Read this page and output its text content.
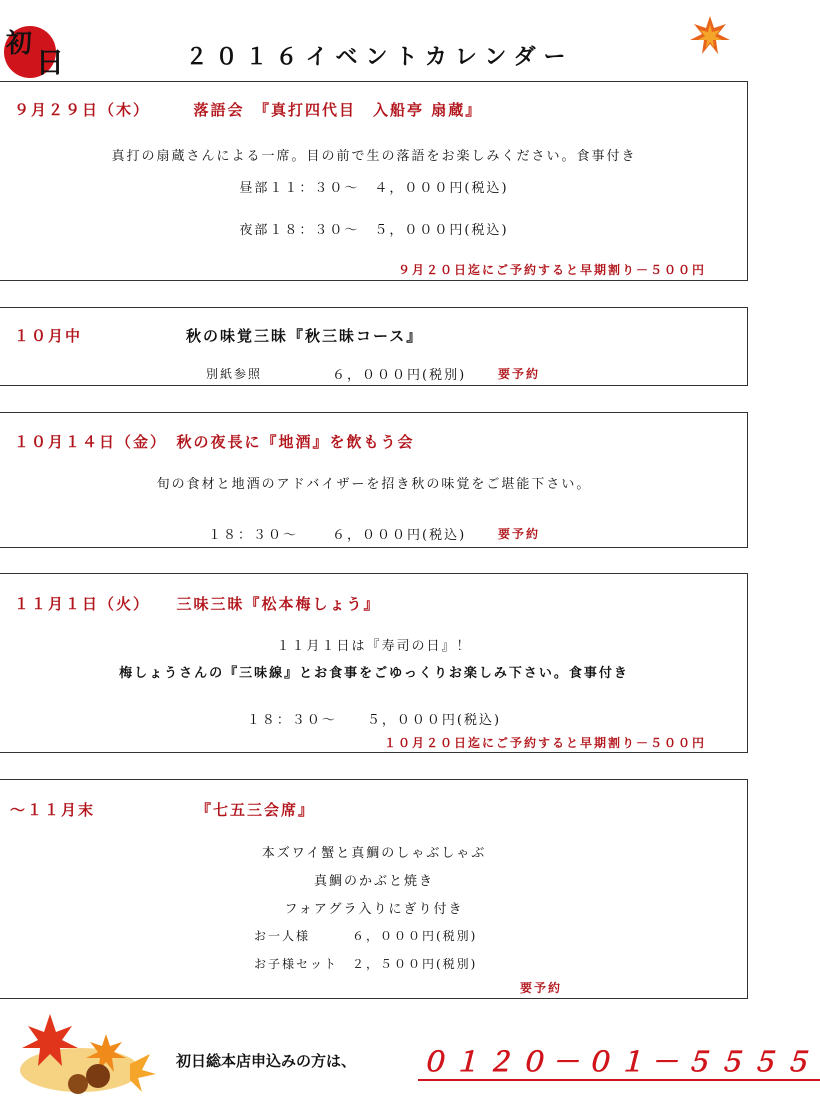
初
日	２０１６イベントカレンダー
９月２９日（木）　　　落語会　『真打四代目　入船亭 扇蔵』
真打の扇蔵さんによる一席。目の前で生の落語をお楽しみください。食事付き
昼部１１：３０～　４，０００円(税込)
夜部１８：３０～　５，０００円(税込)
９月２０日迄にご予約すると早期割り－５００円
１０月中	秋の味覚三昧『秋三昧コース』
別紙参照	６，０００円(税別)	要予約
１０月１４日（金）　秋の夜長に『地酒』を飲もう会
旬の食材と地酒のアドバイザーを招き秋の味覚をご堪能下さい。
１８：３０～	６，０００円(税込)	要予約
１１月１日（火）　　三味三昧『松本梅しょう』
１１月１日は『寿司の日』！
梅しょうさんの『三味線』とお食事をごゆっくりお楽しみ下さい。食事付き
１８：３０～　　５，０００円(税込)
１０月２０日迄にご予約すると早期割り－５００円
～１１月末	『七五三会席』
本ズワイ蟹と真鯛のしゃぶしゃぶ
真鯛のかぶと焼き
フォアグラ入りにぎり付き
お一人様　　　６，０００円(税別)
お子様セット　２，５００円(税別)
要予約
初日総本店申込みの方は、 ０１２０－０１－５５５５
